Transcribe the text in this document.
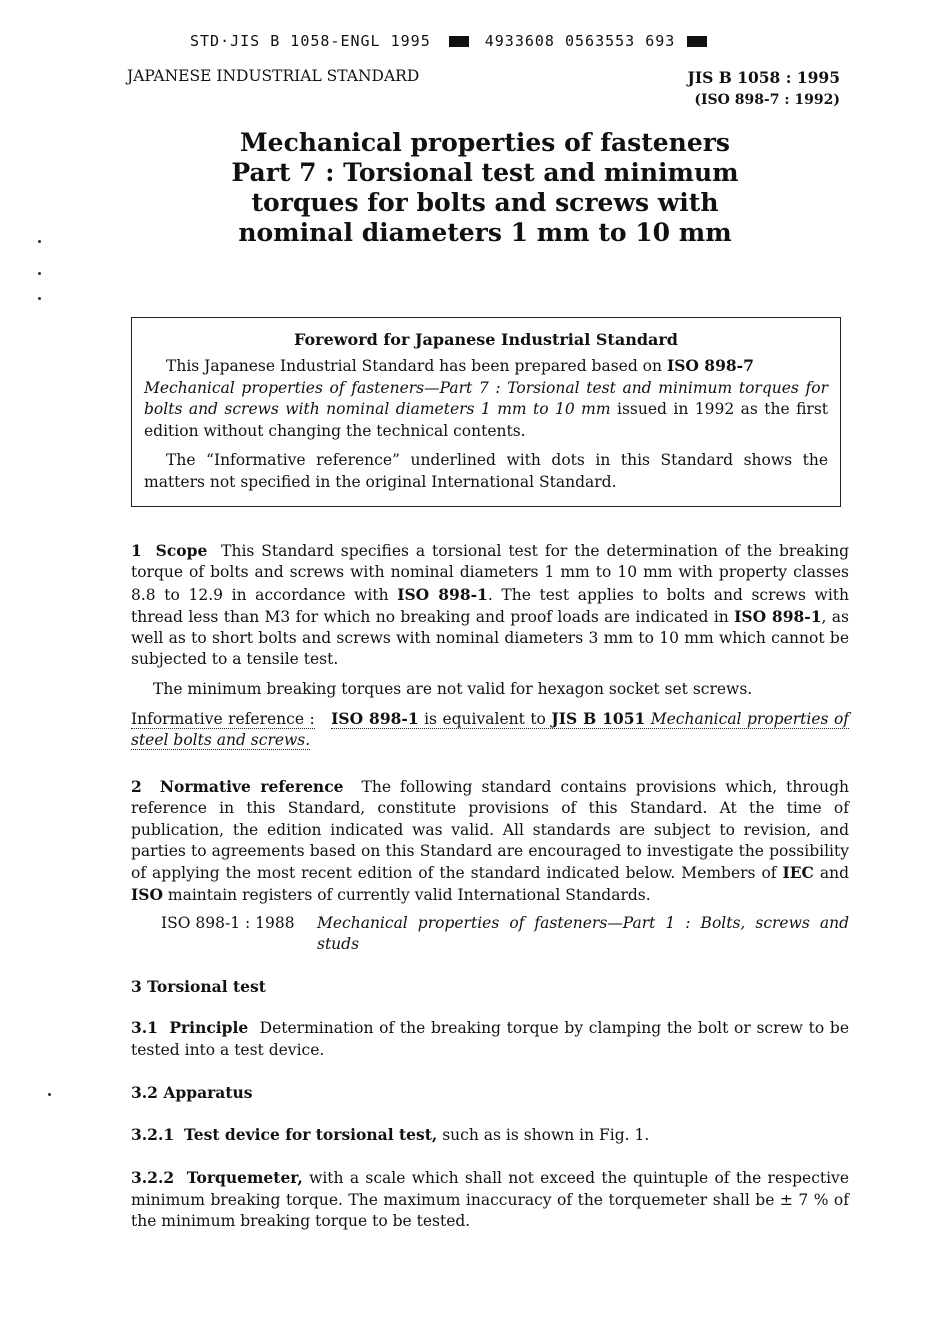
STD·JIS B 1058-ENGL 1995	4933608 0563553 693
JAPANESE INDUSTRIAL STANDARD	JIS B 1058 : 1995
(ISO 898-7 : 1992)
Mechanical properties of fasteners
Part 7 : Torsional test and minimum
torques for bolts and screws with
nominal diameters 1 mm to 10 mm
Foreword for Japanese Industrial Standard

This Japanese Industrial Standard has been prepared based on ISO 898-7
Mechanical properties of fasteners—Part 7 : Torsional test and minimum torques for bolts and screws with nominal diameters 1 mm to 10 mm issued in 1992 as the first edition without changing the technical contents.

The “Informative reference” underlined with dots in this Standard shows the matters not specified in the original International Standard.

1 Scope This Standard specifies a torsional test for the determination of the breaking torque of bolts and screws with nominal diameters 1 mm to 10 mm with property classes 8.8 to 12.9 in accordance with ISO 898-1. The test applies to bolts and screws with thread less than M3 for which no breaking and proof loads are indicated in ISO 898-1, as well as to short bolts and screws with nominal diameters 3 mm to 10 mm which cannot be subjected to a tensile test.

The minimum breaking torques are not valid for hexagon socket set screws.

Informative reference : ISO 898-1 is equivalent to JIS B 1051 Mechanical properties of steel bolts and screws.

2 Normative reference The following standard contains provisions which, through reference in this Standard, constitute provisions of this Standard. At the time of publication, the edition indicated was valid. All standards are subject to revision, and parties to agreements based on this Standard are encouraged to investigate the possibility of applying the most recent edition of the standard indicated below. Members of IEC and ISO maintain registers of currently valid International Standards.

ISO 898-1 : 1988	Mechanical properties of fasteners—Part 1 : Bolts, screws and studs

3 Torsional test

3.1 Principle Determination of the breaking torque by clamping the bolt or screw to be tested into a test device.

3.2 Apparatus

3.2.1 Test device for torsional test, such as is shown in Fig. 1.

3.2.2 Torquemeter, with a scale which shall not exceed the quintuple of the respective minimum breaking torque. The maximum inaccuracy of the torquemeter shall be ± 7 % of the minimum breaking torque to be tested.
